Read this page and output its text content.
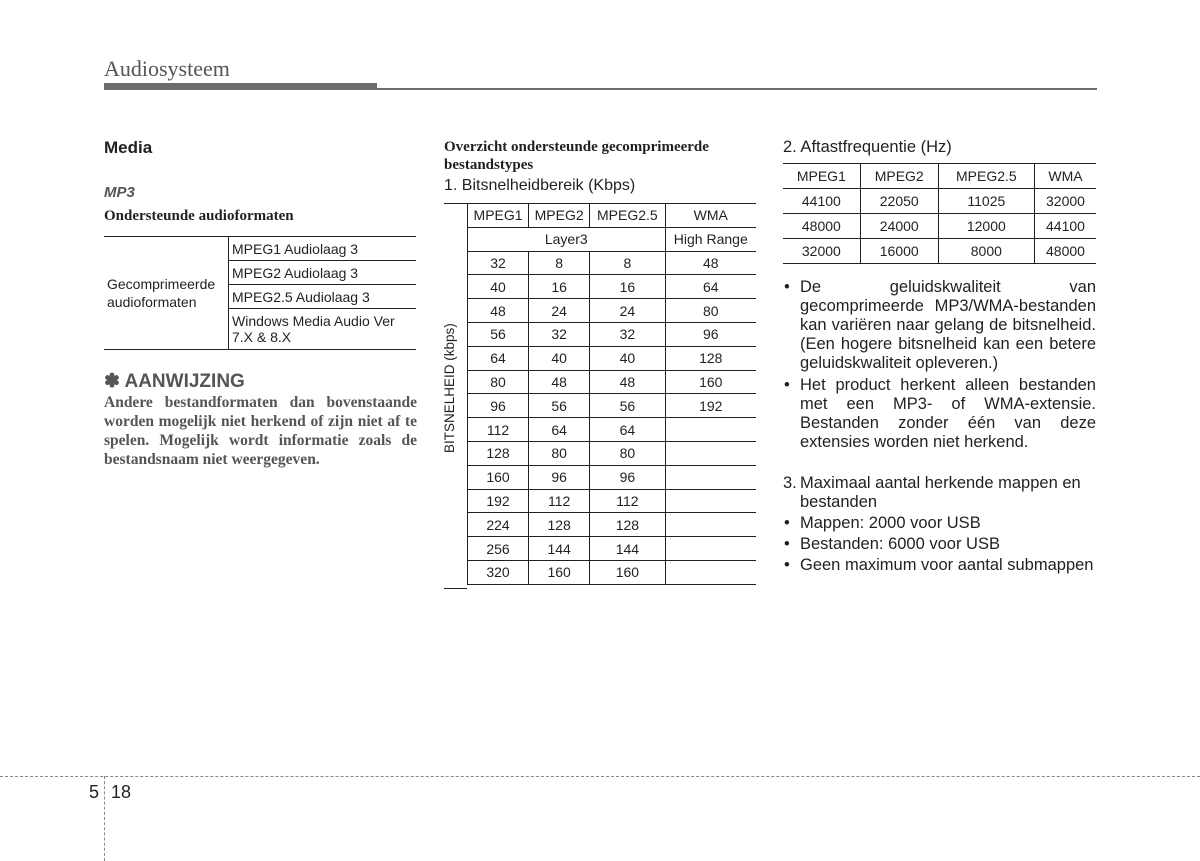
Audiosysteem
Media
MP3
Ondersteunde audioformaten
Gecomprimeerde audioformaten	MPEG1 Audiolaag 3
MPEG2 Audiolaag 3
MPEG2.5 Audiolaag 3
Windows Media Audio Ver 7.X & 8.X
✽ AANWIJZING
Andere bestandformaten dan bovenstaande worden mogelijk niet herkend of zijn niet af te spelen. Mogelijk wordt informatie zoals de bestandsnaam niet weergegeven.
Overzicht ondersteunde gecomprimeerde bestandstypes
1. Bitsnelheidbereik (Kbps)
BITSNELHEID (kbps)
MPEG1	MPEG2	MPEG2.5	WMA
Layer3			High Range
32	8	8	48
40	16	16	64
48	24	24	80
56	32	32	96
64	40	40	128
80	48	48	160
96	56	56	192
112	64	64	
128	80	80	
160	96	96	
192	112	112	
224	128	128	
256	144	144	
320	160	160	
2. Aftastfrequentie (Hz)
MPEG1	MPEG2	MPEG2.5	WMA
44100	22050	11025	32000
48000	24000	12000	44100
32000	16000	8000	48000
• De geluidskwaliteit van gecomprimeerde MP3/WMA-bestanden kan variëren naar gelang de bitsnelheid. (Een hogere bitsnelheid kan een betere geluidskwaliteit opleveren.)
• Het product herkent alleen bestanden met een MP3- of WMA-extensie. Bestanden zonder één van deze extensies worden niet herkend.
3. Maximaal aantal herkende mappen en bestanden
• Mappen: 2000 voor USB
• Bestanden: 6000 voor USB
• Geen maximum voor aantal submappen
5 18
